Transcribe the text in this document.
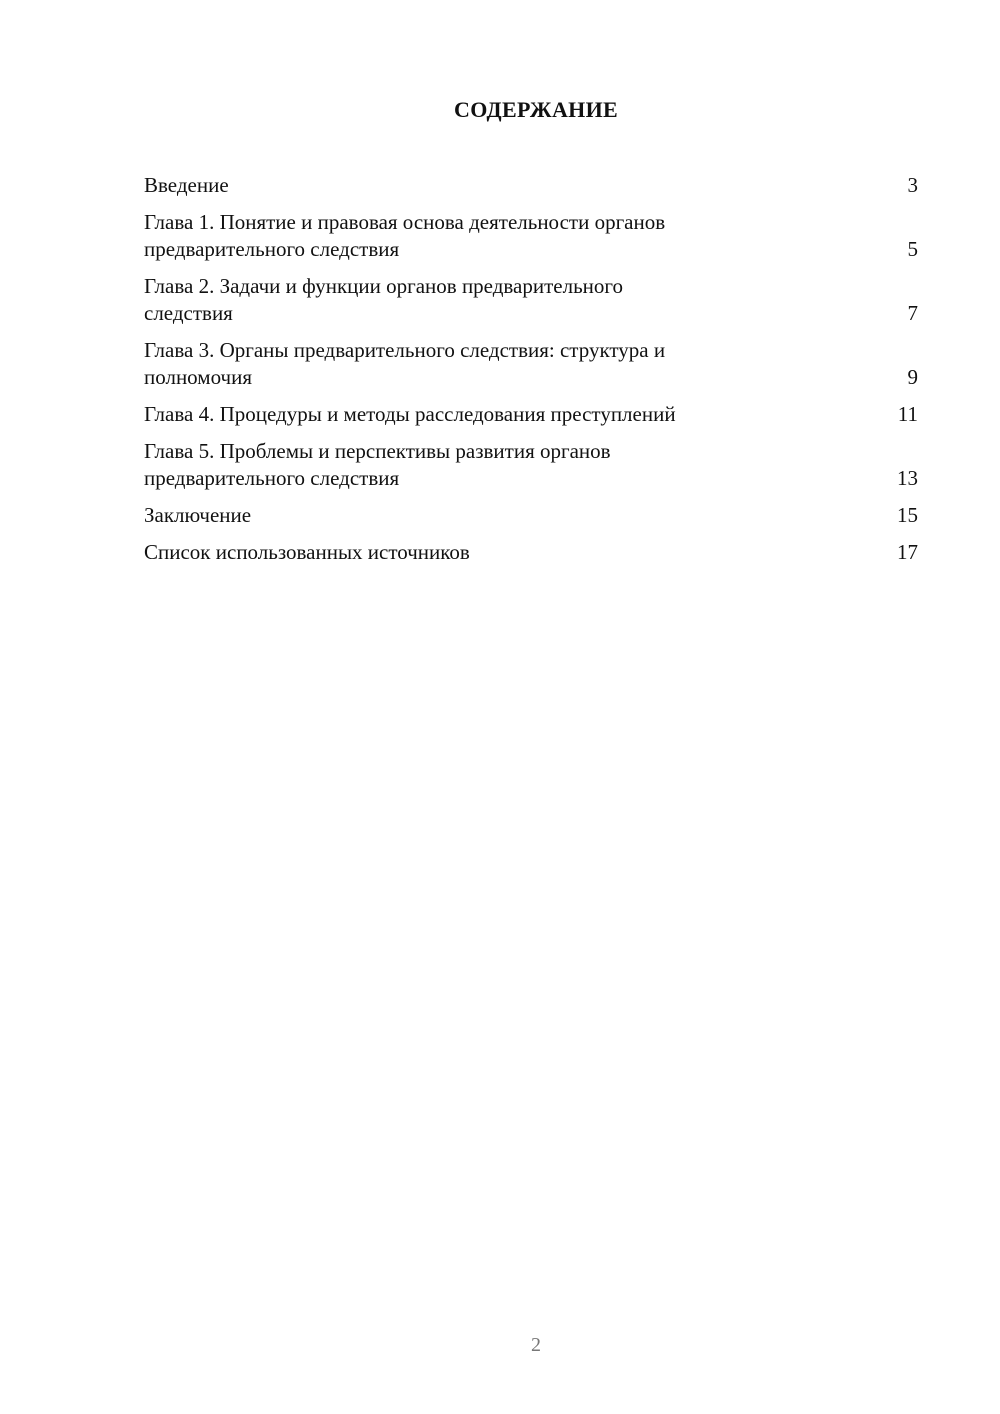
СОДЕРЖАНИЕ
Введение	3
Глава 1. Понятие и правовая основа деятельности органов
предварительного следствия	5
Глава 2. Задачи и функции органов предварительного
следствия	7
Глава 3. Органы предварительного следствия: структура и
полномочия	9
Глава 4. Процедуры и методы расследования преступлений	11
Глава 5. Проблемы и перспективы развития органов
предварительного следствия	13
Заключение	15
Список использованных источников	17
2
